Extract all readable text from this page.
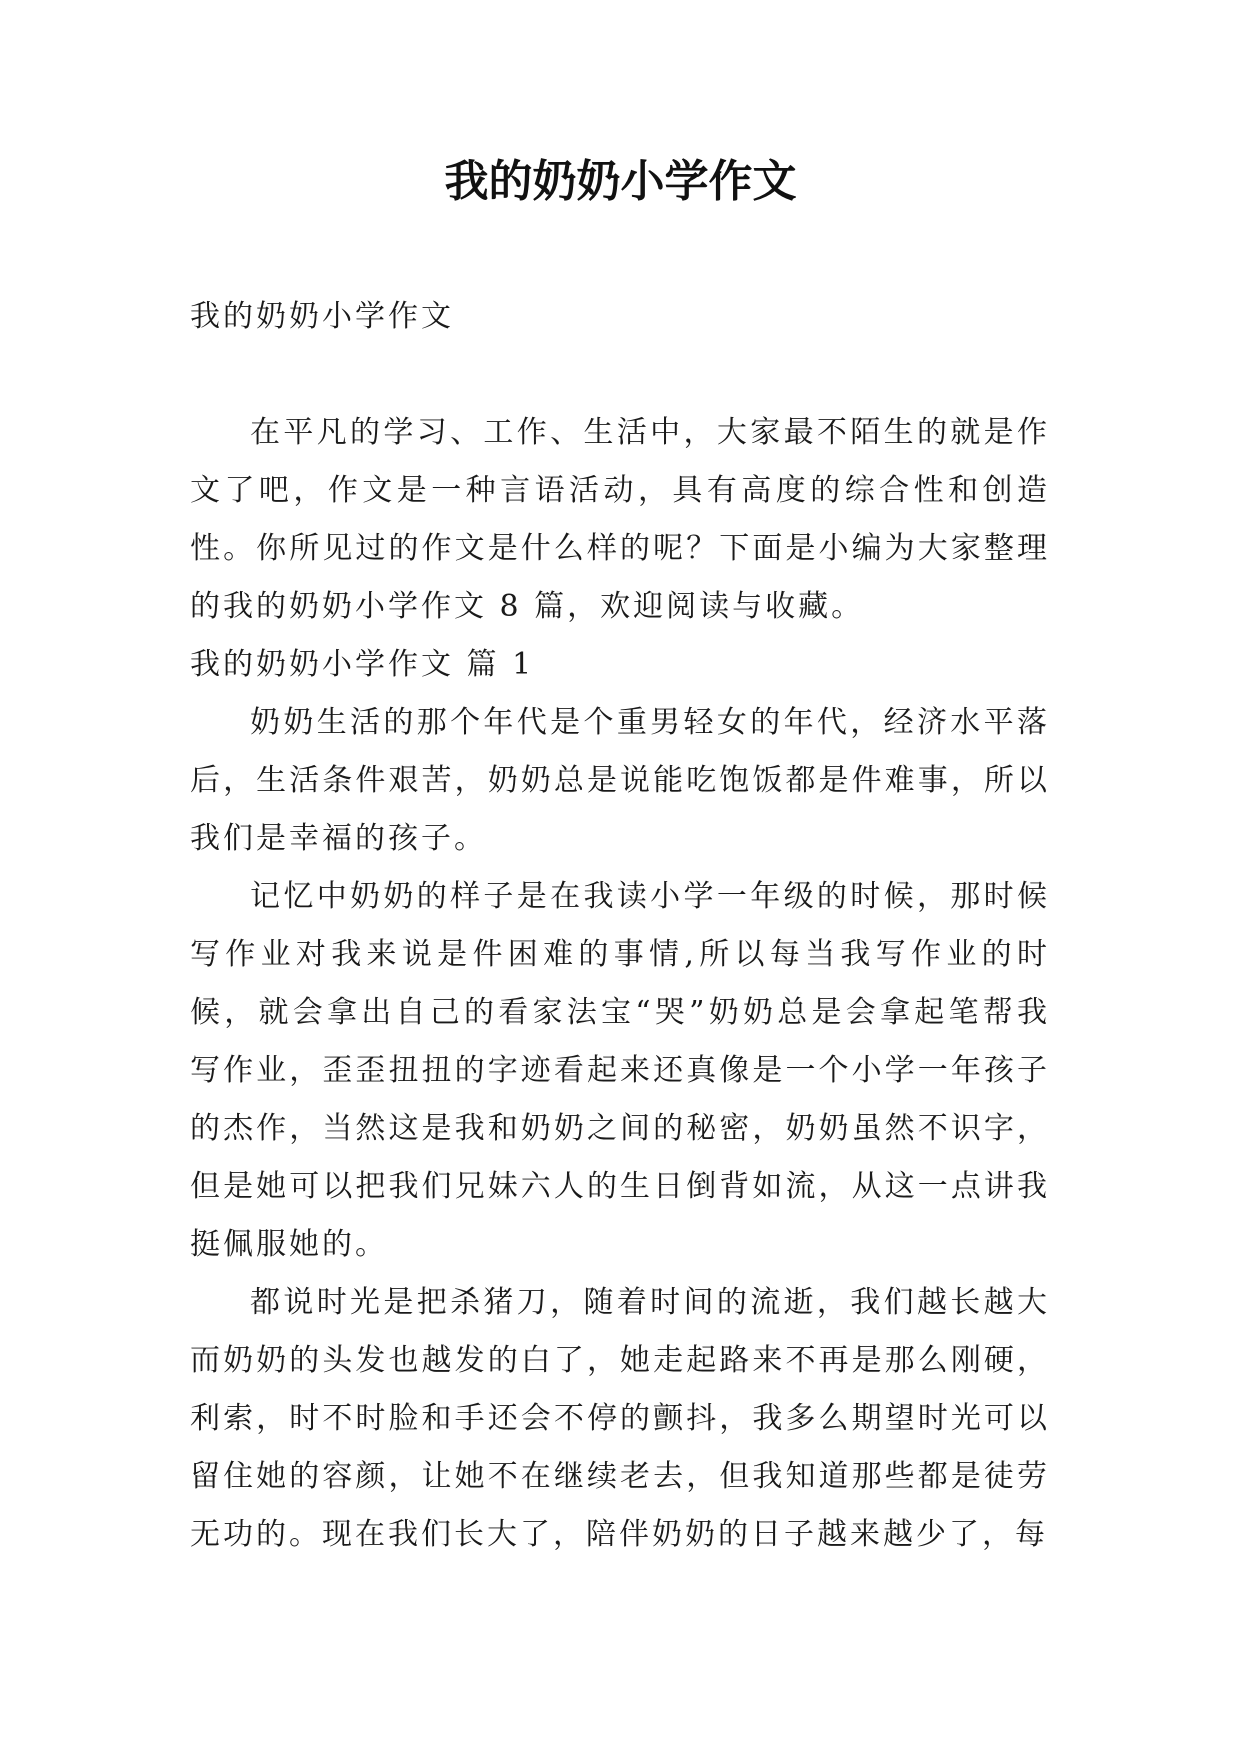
我的奶奶小学作文

我的奶奶小学作文

在平凡的学习、工作、生活中，大家最不陌生的就是作文了吧，作文是一种言语活动，具有高度的综合性和创造性。你所见过的作文是什么样的呢？下面是小编为大家整理的我的奶奶小学作文 8 篇，欢迎阅读与收藏。

我的奶奶小学作文 篇 1

奶奶生活的那个年代是个重男轻女的年代，经济水平落后，生活条件艰苦，奶奶总是说能吃饱饭都是件难事，所以我们是幸福的孩子。

记忆中奶奶的样子是在我读小学一年级的时候，那时候写作业对我来说是件困难的事情,所以每当我写作业的时候，就会拿出自己的看家法宝“哭”奶奶总是会拿起笔帮我写作业，歪歪扭扭的字迹看起来还真像是一个小学一年孩子的杰作，当然这是我和奶奶之间的秘密，奶奶虽然不识字，但是她可以把我们兄妹六人的生日倒背如流，从这一点讲我挺佩服她的。

都说时光是把杀猪刀，随着时间的流逝，我们越长越大而奶奶的头发也越发的白了，她走起路来不再是那么刚硬，利索，时不时脸和手还会不停的颤抖，我多么期望时光可以留住她的容颜，让她不在继续老去，但我知道那些都是徒劳无功的。现在我们长大了，陪伴奶奶的日子越来越少了，每
